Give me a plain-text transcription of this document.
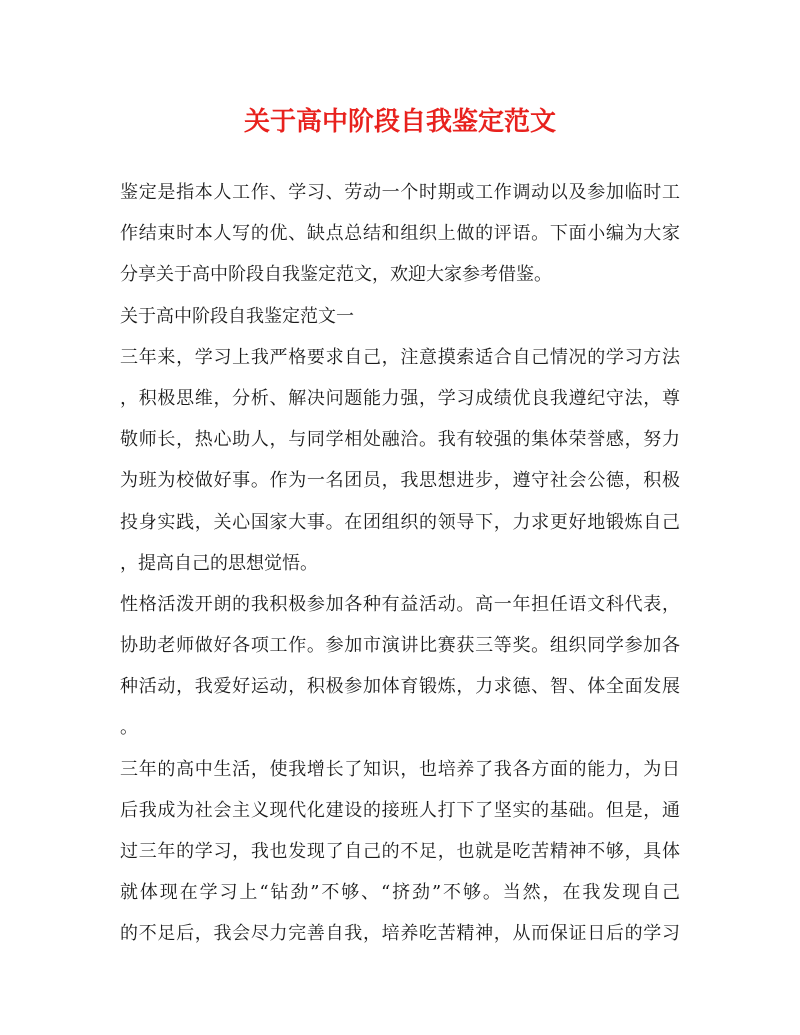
关于高中阶段自我鉴定范文
鉴定是指本人工作、学习、劳动一个时期或工作调动以及参加临时工
作结束时本人写的优、缺点总结和组织上做的评语。下面小编为大家
分享关于高中阶段自我鉴定范文，欢迎大家参考借鉴。
关于高中阶段自我鉴定范文一
三年来，学习上我严格要求自己，注意摸索适合自己情况的学习方法
，积极思维，分析、解决问题能力强，学习成绩优良我遵纪守法，尊
敬师长，热心助人，与同学相处融洽。我有较强的集体荣誉感，努力
为班为校做好事。作为一名团员，我思想进步，遵守社会公德，积极
投身实践，关心国家大事。在团组织的领导下，力求更好地锻炼自己
，提高自己的思想觉悟。
性格活泼开朗的我积极参加各种有益活动。高一年担任语文科代表，
协助老师做好各项工作。参加市演讲比赛获三等奖。组织同学参加各
种活动，我爱好运动，积极参加体育锻炼，力求德、智、体全面发展
。
三年的高中生活，使我增长了知识，也培养了我各方面的能力，为日
后我成为社会主义现代化建设的接班人打下了坚实的基础。但是，通
过三年的学习，我也发现了自己的不足，也就是吃苦精神不够，具体
就体现在学习上“钻劲”不够、“挤劲”不够。当然，在我发现自己
的不足后，我会尽力完善自我，培养吃苦精神，从而保证日后的学习
